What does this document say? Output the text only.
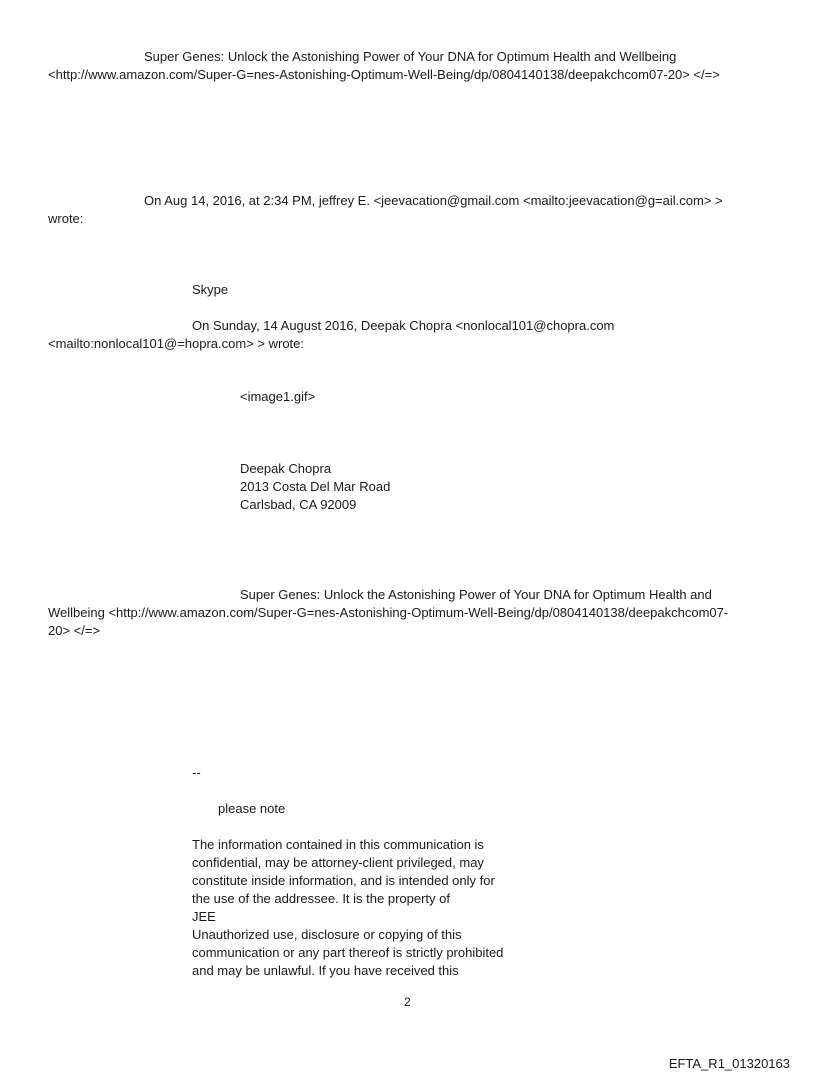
Super Genes: Unlock the Astonishing Power of Your DNA for Optimum Health and Wellbeing

<http://www.amazon.com/Super-G=nes-Astonishing-Optimum-Well-Being/dp/0804140138/deepakchcom07-20> </=>

On Aug 14, 2016, at 2:34 PM, jeffrey E. <jeevacation@gmail.com <mailto:jeevacation@g=ail.com> >

wrote:

Skype

On Sunday, 14 August 2016, Deepak Chopra <nonlocal101@chopra.com

<mailto:nonlocal101@=hopra.com> > wrote:

<image1.gif>

Deepak Chopra
2013 Costa Del Mar Road
Carlsbad, CA 92009

Super Genes: Unlock the Astonishing Power of Your DNA for Optimum Health and

Wellbeing <http://www.amazon.com/Super-G=nes-Astonishing-Optimum-Well-Being/dp/0804140138/deepakchcom07-

20> </=>

--

please note

The information contained in this communication is
confidential, may be attorney-client privileged, may
constitute inside information, and is intended only for
the use of the addressee. It is the property of
JEE
Unauthorized use, disclosure or copying of this
communication or any part thereof is strictly prohibited
and may be unlawful. If you have received this

2

EFTA_R1_01320163
